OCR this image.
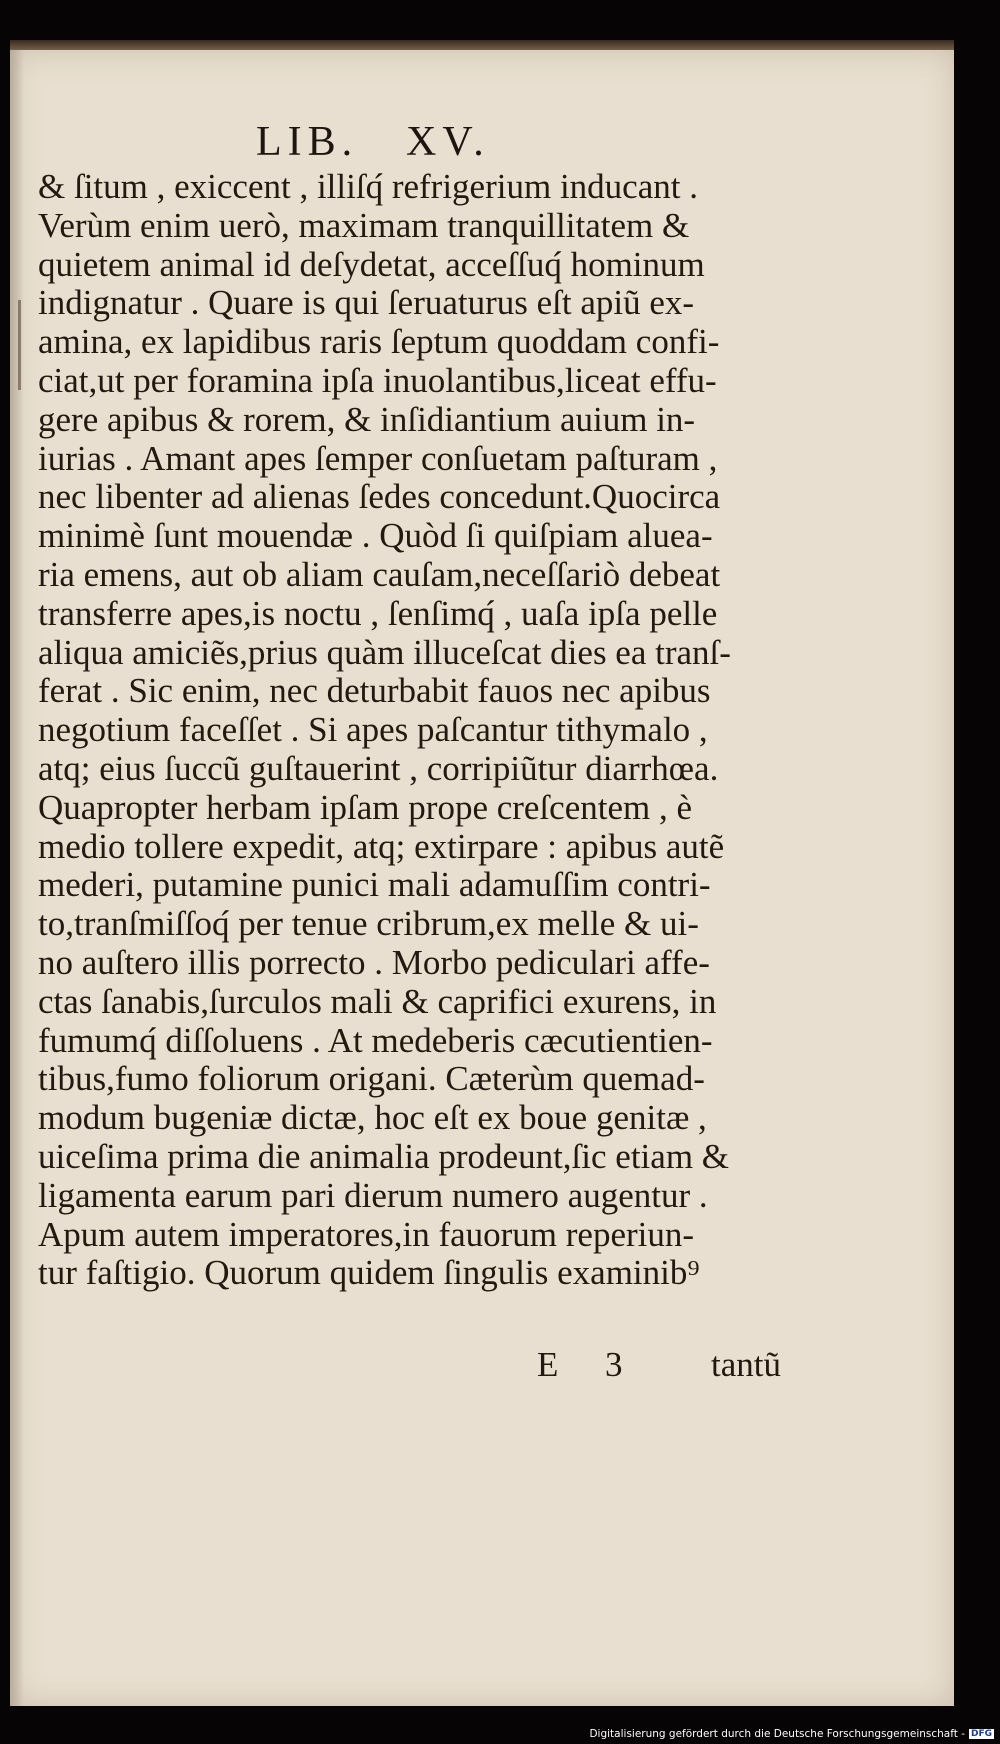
LIB. XV.
& ſitum , exiccent , illiſq́ refrigerium inducant .
Verùm enim uerò, maximam tranquillitatem &
quietem animal id deſydetat, acceſſuq́ hominum
indignatur . Quare is qui ſeruaturus eſt apiũ ex-
amina, ex lapidibus raris ſeptum quoddam confi-
ciat,ut per foramina ipſa inuolantibus,liceat effu-
gere apibus & rorem, & inſidiantium auium in-
iurias . Amant apes ſemper conſuetam paſturam ,
nec libenter ad alienas ſedes concedunt.Quocirca
minimè ſunt mouendæ . Quòd ſi quiſpiam aluea-
ria emens, aut ob aliam cauſam,neceſſariò debeat
transferre apes,is noctu , ſenſimq́ , uaſa ipſa pelle
aliqua amiciẽs,prius quàm illuceſcat dies ea tranſ-
ferat . Sic enim, nec deturbabit fauos nec apibus
negotium faceſſet . Si apes paſcantur tithymalo ,
atq; eius ſuccũ guſtauerint , corripiũtur diarrhœa.
Quapropter herbam ipſam prope creſcentem , è
medio tollere expedit, atq; extirpare : apibus autẽ
mederi, putamine punici mali adamuſſim contri-
to,tranſmiſſoq́ per tenue cribrum,ex melle & ui-
no auſtero illis porrecto . Morbo pediculari affe-
ctas ſanabis,ſurculos mali & caprifici exurens, in
fumumq́ diſſoluens . At medeberis cæcutientien-
tibus,fumo foliorum origani. Cæterùm quemad-
modum bugeniæ dictæ, hoc eſt ex boue genitæ ,
uiceſima prima die animalia prodeunt,ſic etiam &
ligamenta earum pari dierum numero augentur .
Apum autem imperatores,in fauorum reperiun-
tur faſtigio. Quorum quidem ſingulis examinib⁹
E 3	tantũ
Digitalisierung gefördert durch die Deutsche Forschungsgemeinschaft - DFG
